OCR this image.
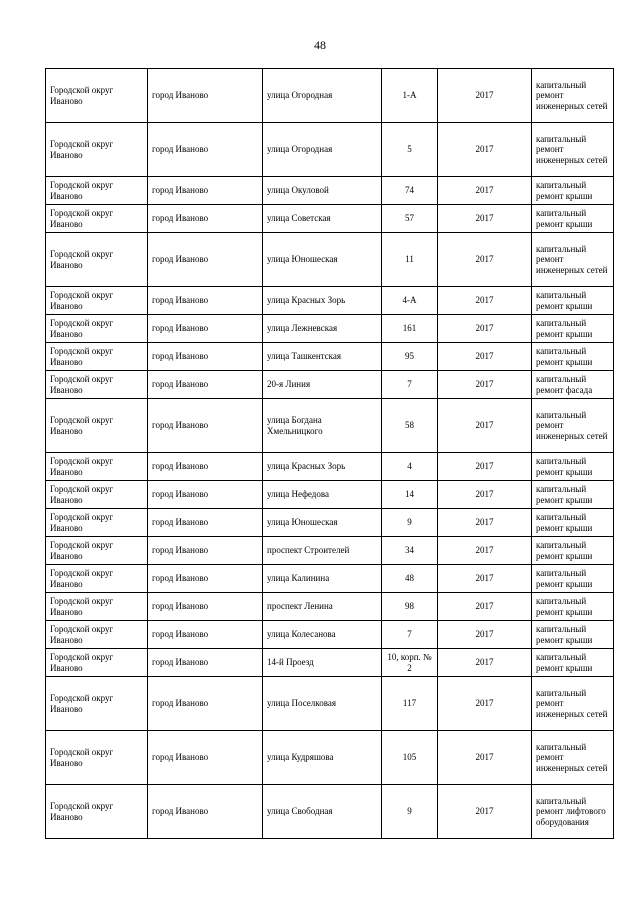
48
Городской округ Иваново	город Иваново	улица Огородная	1-А	2017	капитальный ремонт инженерных сетей
Городской округ Иваново	город Иваново	улица Огородная	5	2017	капитальный ремонт инженерных сетей
Городской округ Иваново	город Иваново	улица Окуловой	74	2017	капитальный ремонт крыши
Городской округ Иваново	город Иваново	улица Советская	57	2017	капитальный ремонт крыши
Городской округ Иваново	город Иваново	улица Юношеская	11	2017	капитальный ремонт инженерных сетей
Городской округ Иваново	город Иваново	улица Красных Зорь	4-А	2017	капитальный ремонт крыши
Городской округ Иваново	город Иваново	улица Лежневская	161	2017	капитальный ремонт крыши
Городской округ Иваново	город Иваново	улица Ташкентская	95	2017	капитальный ремонт крыши
Городской округ Иваново	город Иваново	20-я Линия	7	2017	капитальный ремонт фасада
Городской округ Иваново	город Иваново	улица Богдана Хмельницкого	58	2017	капитальный ремонт инженерных сетей
Городской округ Иваново	город Иваново	улица Красных Зорь	4	2017	капитальный ремонт крыши
Городской округ Иваново	город Иваново	улица Нефедова	14	2017	капитальный ремонт крыши
Городской округ Иваново	город Иваново	улица Юношеская	9	2017	капитальный ремонт крыши
Городской округ Иваново	город Иваново	проспект Строителей	34	2017	капитальный ремонт крыши
Городской округ Иваново	город Иваново	улица Калинина	48	2017	капитальный ремонт крыши
Городской округ Иваново	город Иваново	проспект Ленина	98	2017	капитальный ремонт крыши
Городской округ Иваново	город Иваново	улица Колесанова	7	2017	капитальный ремонт крыши
Городской округ Иваново	город Иваново	14-й Проезд	10, корп. № 2	2017	капитальный ремонт крыши
Городской округ Иваново	город Иваново	улица Поселковая	117	2017	капитальный ремонт инженерных сетей
Городской округ Иваново	город Иваново	улица Кудряшова	105	2017	капитальный ремонт инженерных сетей
Городской округ Иваново	город Иваново	улица Свободная	9	2017	капитальный ремонт лифтового оборудования
